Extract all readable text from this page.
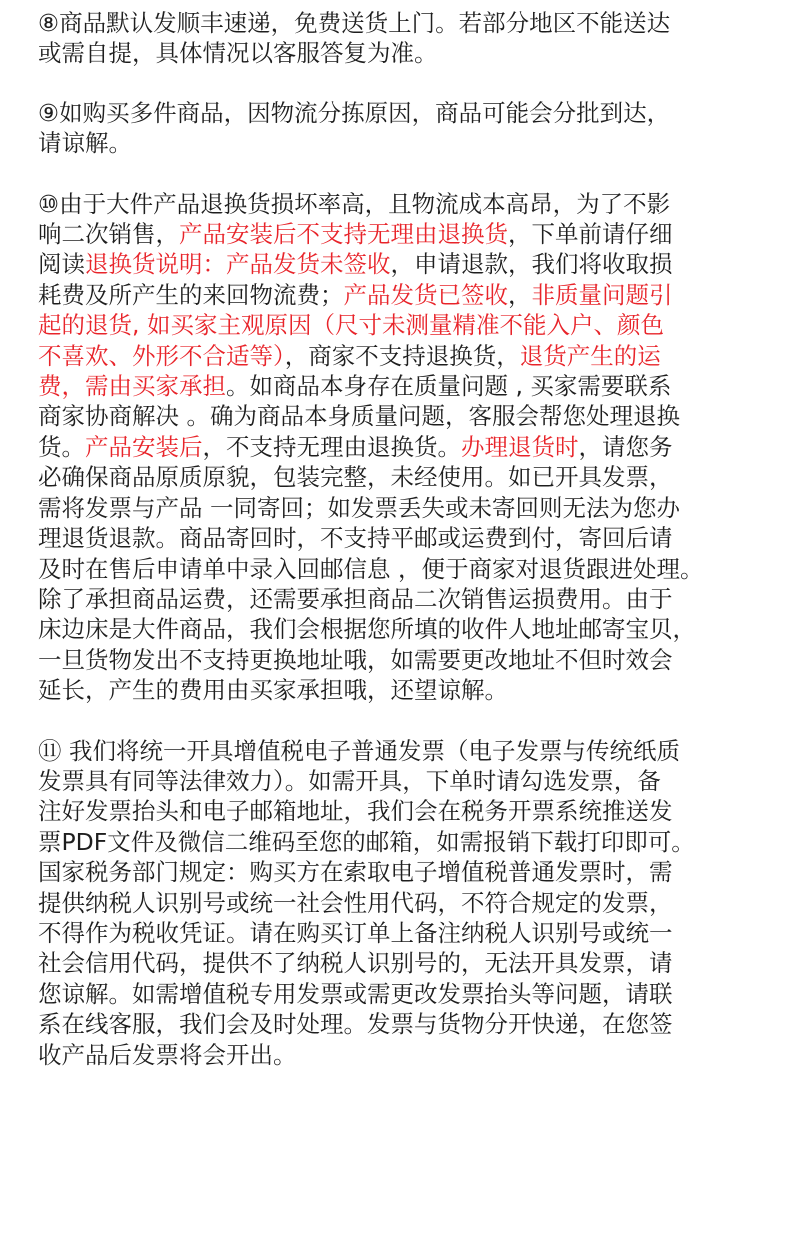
⑧商品默认发顺丰速递，免费送货上门。若部分地区不能送达
或需自提，具体情况以客服答复为准。
⑨如购买多件商品，因物流分拣原因，商品可能会分批到达，
请谅解。
⑩由于大件产品退换货损坏率高，且物流成本高昂，为了不影
响二次销售，产品安装后不支持无理由退换货，下单前请仔细
阅读退换货说明：产品发货未签收，申请退款，我们将收取损
耗费及所产生的来回物流费；产品发货已签收，非质量问题引
起的退货, 如买家主观原因（尺寸未测量精准不能入户、颜色
不喜欢、外形不合适等），商家不支持退换货，退货产生的运
费，需由买家承担。如商品本身存在质量问题 , 买家需要联系
商家协商解决 。确为商品本身质量问题，客服会帮您处理退换
货。产品安装后，不支持无理由退换货。办理退货时，请您务
必确保商品原质原貌，包装完整，未经使用。如已开具发票，
需将发票与产品 一同寄回；如发票丢失或未寄回则无法为您办
理退货退款。商品寄回时，不支持平邮或运费到付，寄回后请
及时在售后申请单中录入回邮信息 ，便于商家对退货跟进处理。
除了承担商品运费，还需要承担商品二次销售运损费用。由于
床边床是大件商品，我们会根据您所填的收件人地址邮寄宝贝，
一旦货物发出不支持更换地址哦，如需要更改地址不但时效会
延长，产生的费用由买家承担哦，还望谅解。
⑪ 我们将统一开具增值税电子普通发票（电子发票与传统纸质
发票具有同等法律效力）。如需开具，下单时请勾选发票，备
注好发票抬头和电子邮箱地址，我们会在税务开票系统推送发
票PDF文件及微信二维码至您的邮箱，如需报销下载打印即可。
国家税务部门规定：购买方在索取电子增值税普通发票时，需
提供纳税人识别号或统一社会性用代码，不符合规定的发票，
不得作为税收凭证。请在购买订单上备注纳税人识别号或统一
社会信用代码，提供不了纳税人识别号的，无法开具发票，请
您谅解。如需增值税专用发票或需更改发票抬头等问题，请联
系在线客服，我们会及时处理。发票与货物分开快递，在您签
收产品后发票将会开出。
